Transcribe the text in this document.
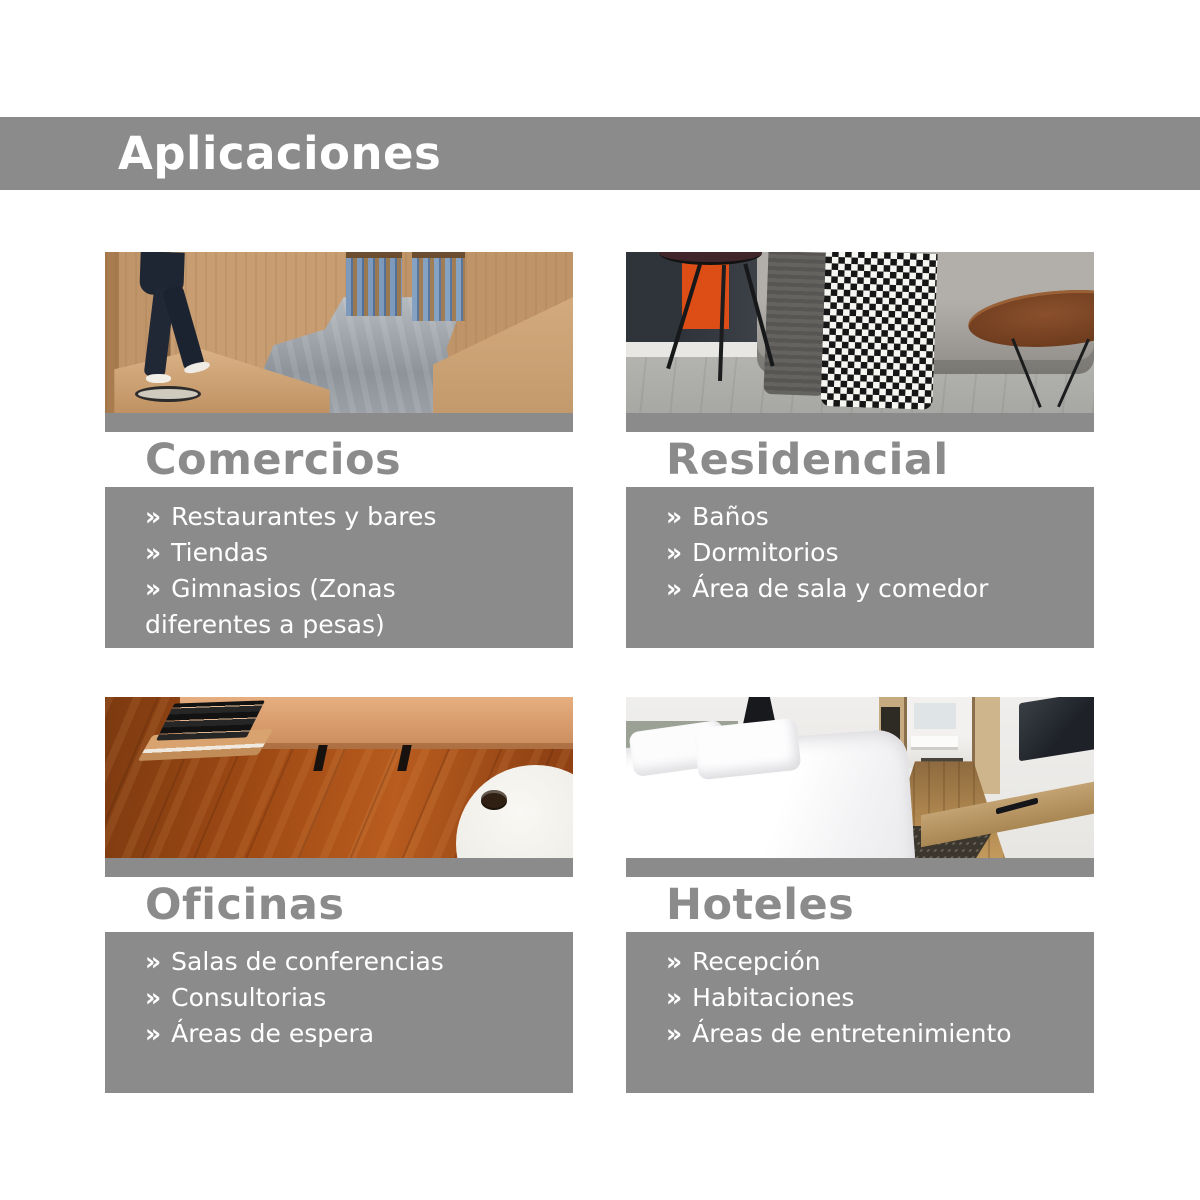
Aplicaciones
Comercios
» Restaurantes y bares
» Tiendas
» Gimnasios (Zonas diferentes a pesas)
Residencial
» Baños
» Dormitorios
» Área de sala y comedor
Oficinas
» Salas de conferencias
» Consultorias
» Áreas de espera
Hoteles
» Recepción
» Habitaciones
» Áreas de entretenimiento
